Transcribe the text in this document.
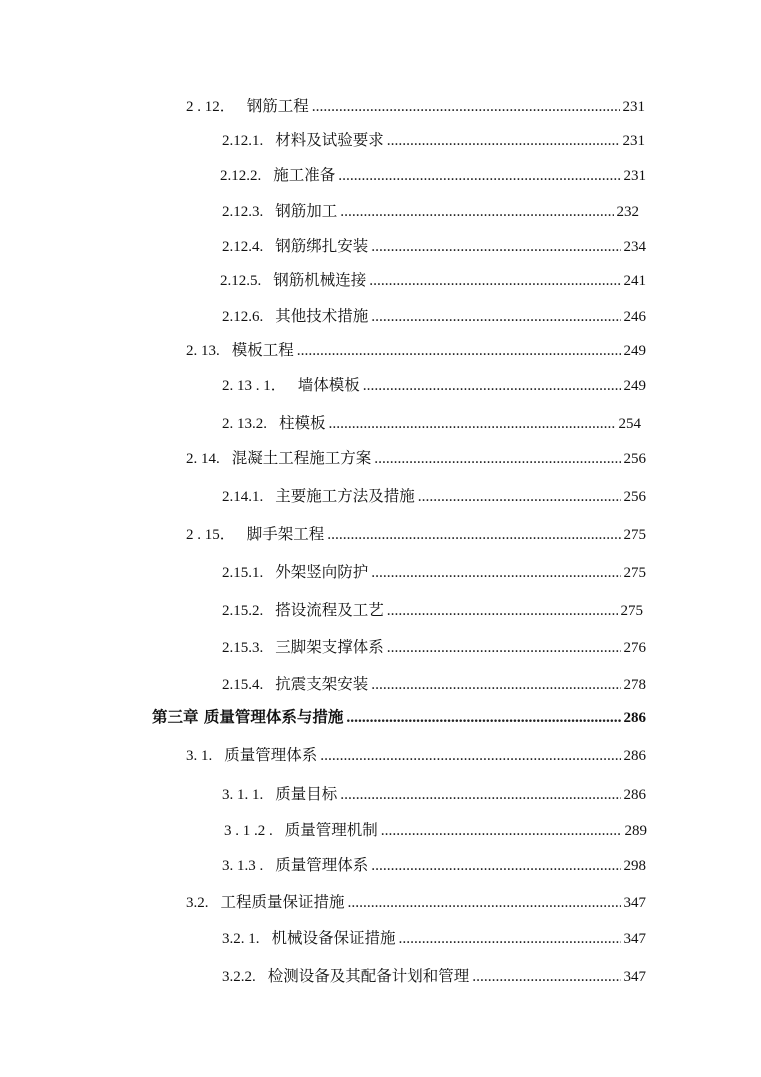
2 . 12． 钢筋工程 .....	231
2.12.1. 材料及试验要求 .....	231
2.12.2. 施工准备 .....	231
2.12.3. 钢筋加工 .....	232
2.12.4. 钢筋绑扎安装 .....	234
2.12.5. 钢筋机械连接 .....	241
2.12.6. 其他技术措施 .....	246
2. 13. 模板工程 .....	249
2. 13 . 1． 墙体模板 .....	249
2. 13.2. 柱模板 .....	254
2. 14. 混凝土工程施工方案 .....	256
2.14.1. 主要施工方法及措施 .....	256
2 . 15． 脚手架工程 .....	275
2.15.1. 外架竖向防护 .....	275
2.15.2. 搭设流程及工艺 .....	275
2.15.3. 三脚架支撑体系 .....	276
2.15.4. 抗震支架安装 .....	278
第三章 质量管理体系与措施 .....	286
3. 1. 质量管理体系 .....	286
3. 1. 1. 质量目标 .....	286
3 . 1 .2 . 质量管理机制 .....	289
3. 1.3 . 质量管理体系 .....	298
3.2. 工程质量保证措施 .....	347
3.2. 1. 机械设备保证措施 .....	347
3.2.2. 检测设备及其配备计划和管理 .....	347
